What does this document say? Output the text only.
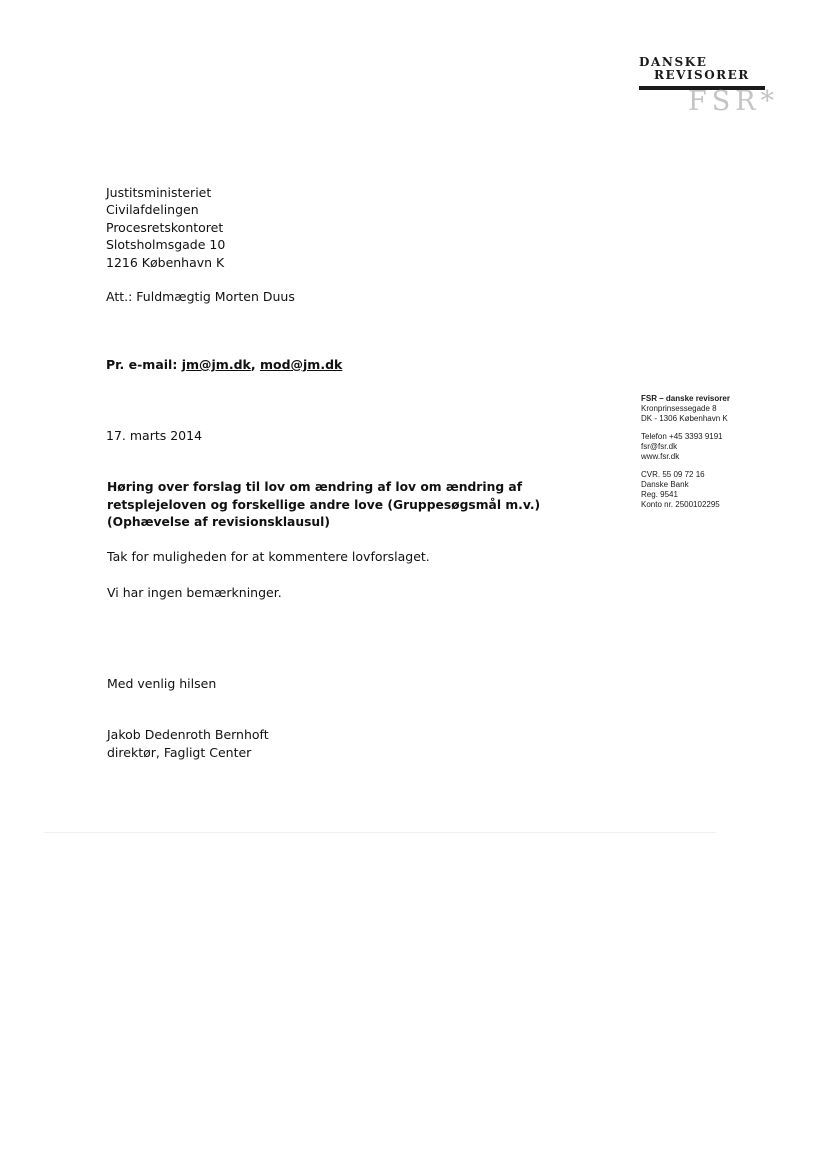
DANSKE
REVISORER
FSR*
Justitsministeriet
Civilafdelingen
Procesretskontoret
Slotsholmsgade 10
1216 København K
Att.: Fuldmægtig Morten Duus
Pr. e-mail: jm@jm.dk, mod@jm.dk
FSR – danske revisorer
Kronprinsessegade 8
DK - 1306 København K
Telefon +45 3393 9191
fsr@fsr.dk
www.fsr.dk
CVR. 55 09 72 16
Danske Bank
Reg. 9541
Konto nr. 2500102295
17. marts 2014
Høring over forslag til lov om ændring af lov om ændring af
retsplejeloven og forskellige andre love (Gruppesøgsmål m.v.)
(Ophævelse af revisionsklausul)
Tak for muligheden for at kommentere lovforslaget.
Vi har ingen bemærkninger.
Med venlig hilsen
Jakob Dedenroth Bernhoft
direktør, Fagligt Center
